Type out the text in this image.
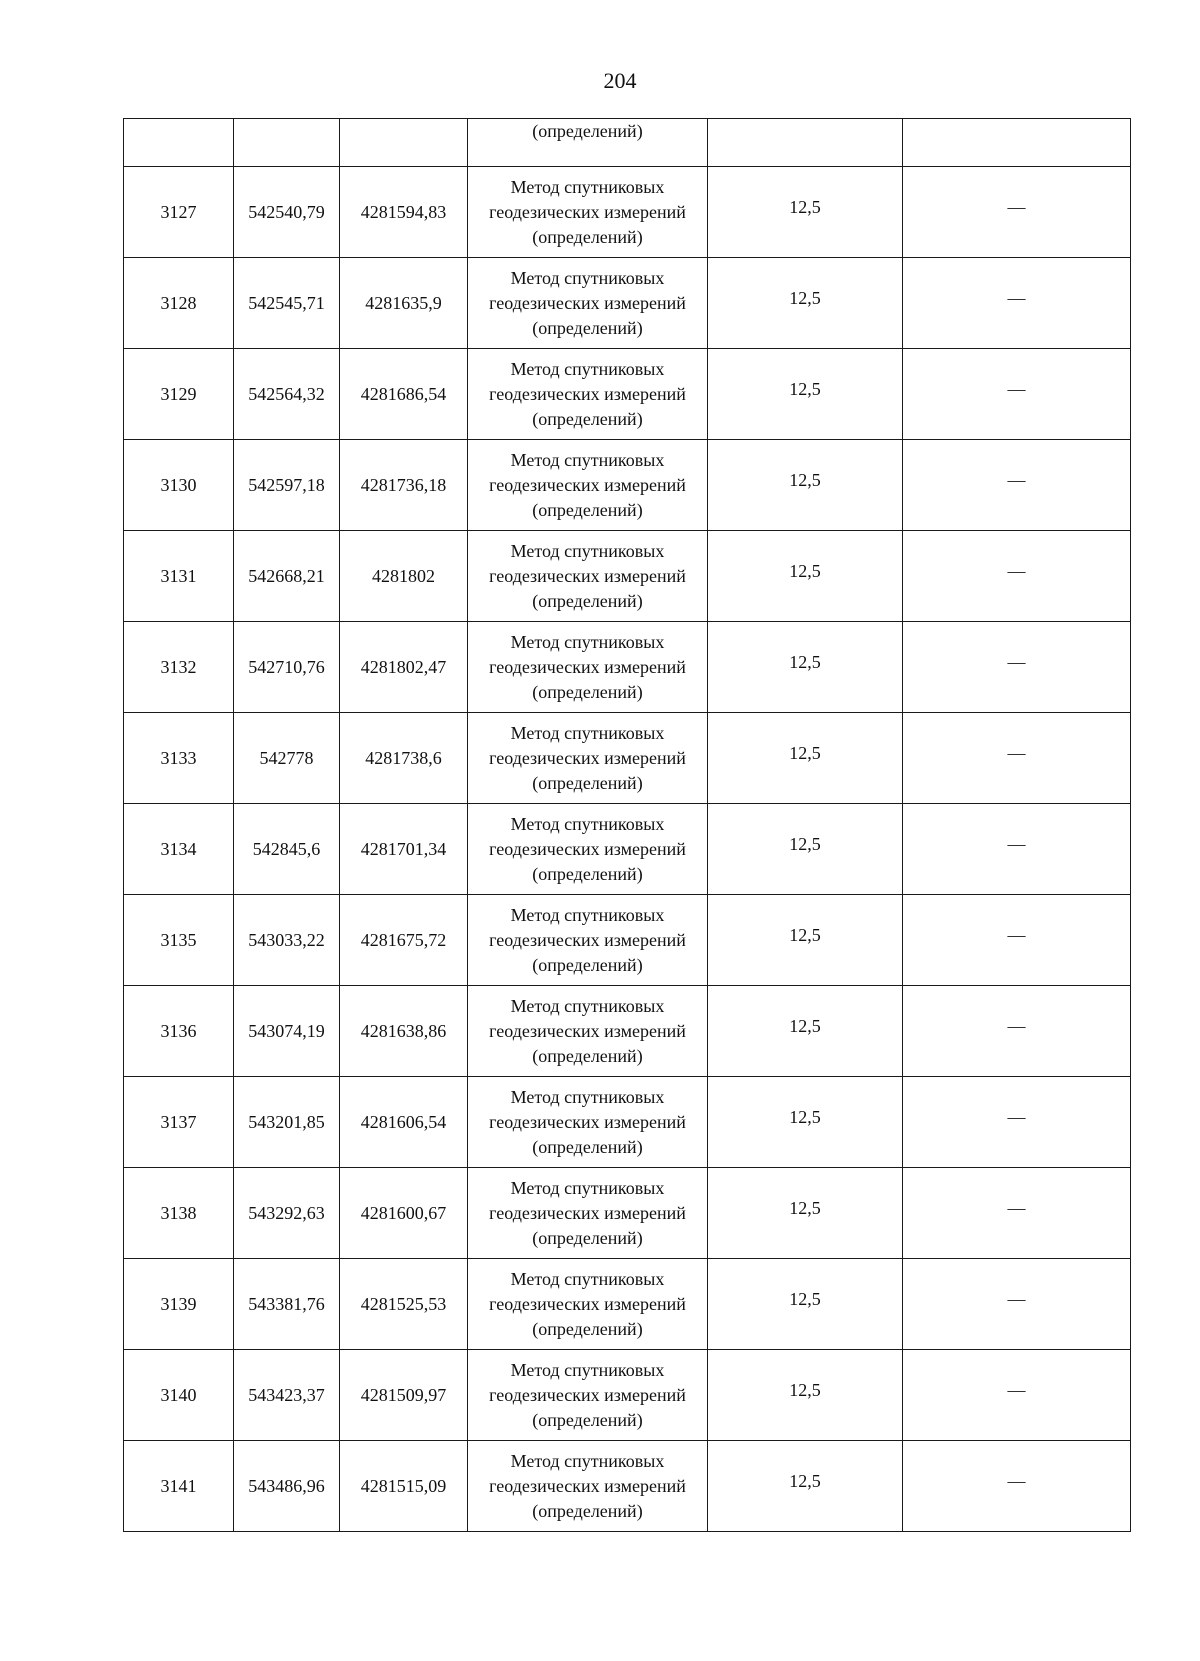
204
			(определений)		
3127	542540,79	4281594,83	Метод спутниковых
геодезических измерений
(определений)	12,5	—
3128	542545,71	4281635,9	Метод спутниковых
геодезических измерений
(определений)	12,5	—
3129	542564,32	4281686,54	Метод спутниковых
геодезических измерений
(определений)	12,5	—
3130	542597,18	4281736,18	Метод спутниковых
геодезических измерений
(определений)	12,5	—
3131	542668,21	4281802	Метод спутниковых
геодезических измерений
(определений)	12,5	—
3132	542710,76	4281802,47	Метод спутниковых
геодезических измерений
(определений)	12,5	—
3133	542778	4281738,6	Метод спутниковых
геодезических измерений
(определений)	12,5	—
3134	542845,6	4281701,34	Метод спутниковых
геодезических измерений
(определений)	12,5	—
3135	543033,22	4281675,72	Метод спутниковых
геодезических измерений
(определений)	12,5	—
3136	543074,19	4281638,86	Метод спутниковых
геодезических измерений
(определений)	12,5	—
3137	543201,85	4281606,54	Метод спутниковых
геодезических измерений
(определений)	12,5	—
3138	543292,63	4281600,67	Метод спутниковых
геодезических измерений
(определений)	12,5	—
3139	543381,76	4281525,53	Метод спутниковых
геодезических измерений
(определений)	12,5	—
3140	543423,37	4281509,97	Метод спутниковых
геодезических измерений
(определений)	12,5	—
3141	543486,96	4281515,09	Метод спутниковых
геодезических измерений
(определений)	12,5	—
